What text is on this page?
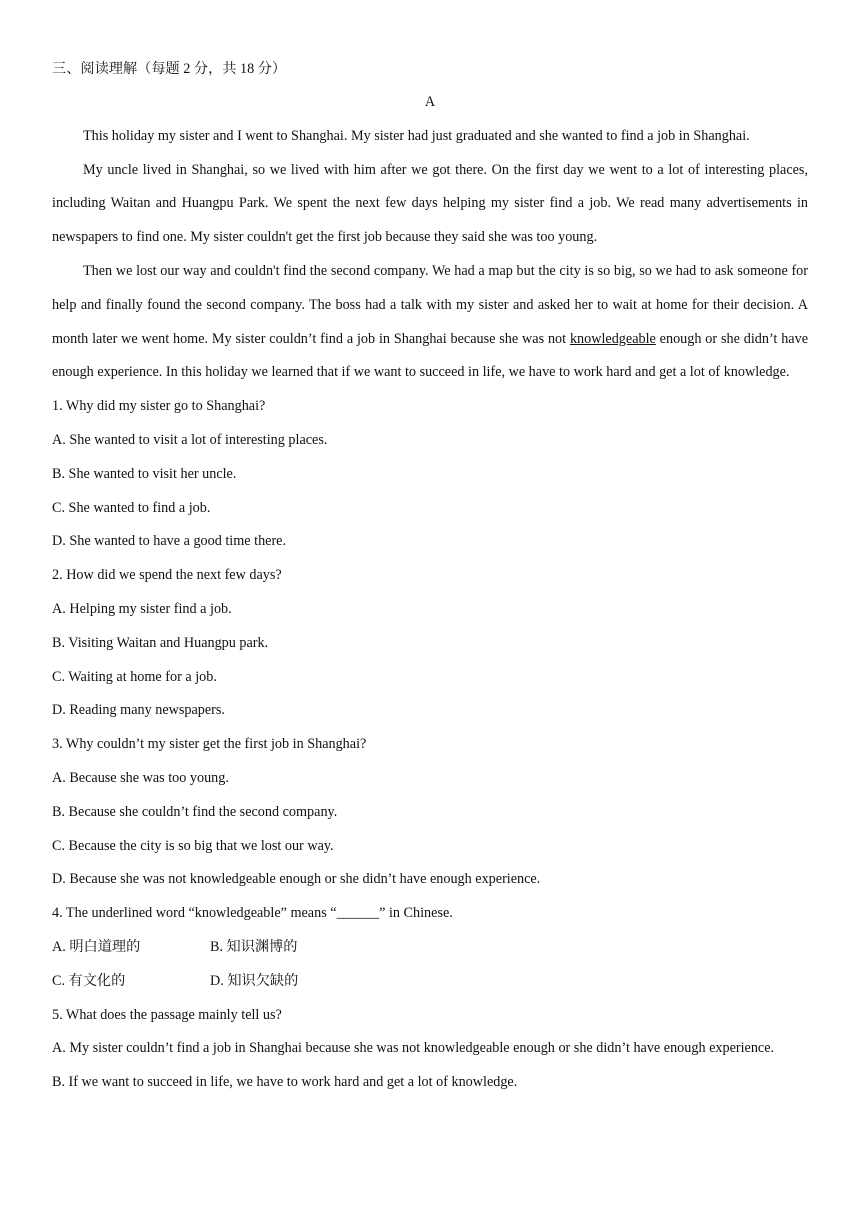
三、阅读理解（每题 2 分，共 18 分）

A

This holiday my sister and I went to Shanghai. My sister had just graduated and she wanted to find a job in Shanghai.

My uncle lived in Shanghai, so we lived with him after we got there. On the first day we went to a lot of interesting places, including Waitan and Huangpu Park. We spent the next few days helping my sister find a job. We read many advertisements in newspapers to find one. My sister couldn't get the first job because they said she was too young.

Then we lost our way and couldn't find the second company. We had a map but the city is so big, so we had to ask someone for help and finally found the second company. The boss had a talk with my sister and asked her to wait at home for their decision. A month later we went home. My sister couldn’t find a job in Shanghai because she was not knowledgeable enough or she didn’t have enough experience. In this holiday we learned that if we want to succeed in life, we have to work hard and get a lot of knowledge.

1. Why did my sister go to Shanghai?

A. She wanted to visit a lot of interesting places.

B. She wanted to visit her uncle.

C. She wanted to find a job.

D. She wanted to have a good time there.

2. How did we spend the next few days?

A. Helping my sister find a job.

B. Visiting Waitan and Huangpu park.

C. Waiting at home for a job.

D. Reading many newspapers.

3. Why couldn’t my sister get the first job in Shanghai?

A. Because she was too young.

B. Because she couldn’t find the second company.

C. Because the city is so big that we lost our way.

D. Because she was not knowledgeable enough or she didn’t have enough experience.

4. The underlined word “knowledgeable” means “______” in Chinese.

A. 明白道理的	B. 知识渊博的
C. 有文化的	D. 知识欠缺的

5. What does the passage mainly tell us?

A. My sister couldn’t find a job in Shanghai because she was not knowledgeable enough or she didn’t have enough experience.

B. If we want to succeed in life, we have to work hard and get a lot of knowledge.
